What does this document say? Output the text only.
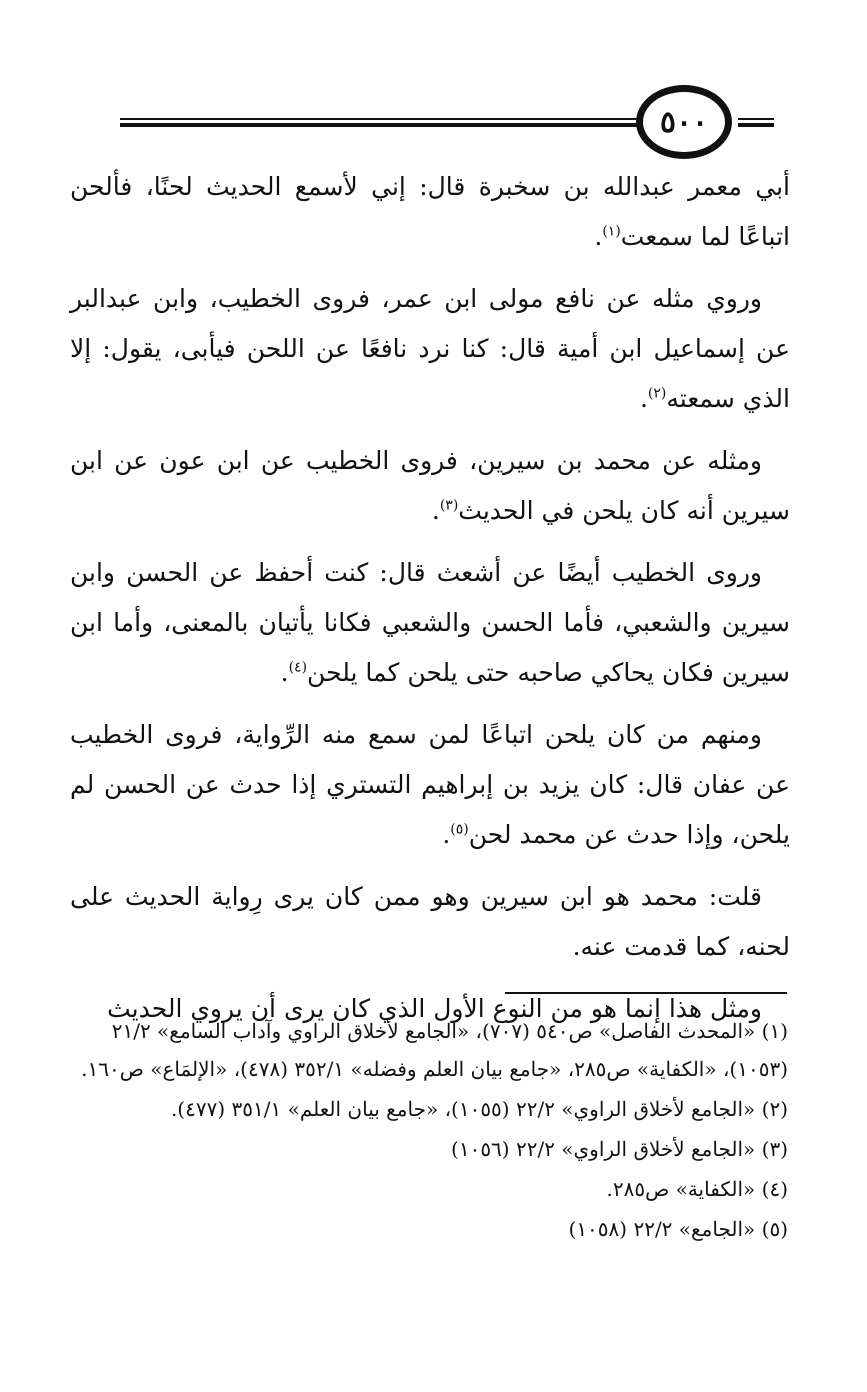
٥٠٠

أبي معمر عبدالله بن سخبرة قال: إني لأسمع الحديث لحنًا، فألحن اتباعًا لما سمعت$^{(١)}$.

وروي مثله عن نافع مولى ابن عمر، فروى الخطيب، وابن عبدالبر عن إسماعيل ابن أمية قال: كنا نرد نافعًا عن اللحن فيأبى، يقول: إلا الذي سمعته$^{(٢)}$.

ومثله عن محمد بن سيرين، فروى الخطيب عن ابن عون عن ابن سيرين أنه كان يلحن في الحديث$^{(٣)}$.

وروى الخطيب أيضًا عن أشعث قال: كنت أحفظ عن الحسن وابن سيرين والشعبي، فأما الحسن والشعبي فكانا يأتيان بالمعنى، وأما ابن سيرين فكان يحاكي صاحبه حتى يلحن كما يلحن$^{(٤)}$.

ومنهم من كان يلحن اتباعًا لمن سمع منه الرِّواية، فروى الخطيب عن عفان قال: كان يزيد بن إبراهيم التستري إذا حدث عن الحسن لم يلحن، وإذا حدث عن محمد لحن$^{(٥)}$.

قلت: محمد هو ابن سيرين وهو ممن كان يرى رِواية الحديث على لحنه، كما قدمت عنه.

ومثل هذا إنما هو من النوع الأول الذي كان يرى أن يروي الحديث

(١) «المحدث الفاصل» ص٥٤٠ (٧٠٧)، «الجامع لأخلاق الراوي وآداب السامع» ٢١/٢ (١٠٥٣)، «الكفاية» ص٢٨٥، «جامع بيان العلم وفضله» ٣٥٢/١ (٤٧٨)، «الإلمَاع» ص١٦٠.

(٢) «الجامع لأخلاق الراوي» ٢٢/٢ (١٠٥٥)، «جامع بيان العلم» ٣٥١/١ (٤٧٧).

(٣) «الجامع لأخلاق الراوي» ٢٢/٢ (١٠٥٦)

(٤) «الكفاية» ص٢٨٥.

(٥) «الجامع» ٢٢/٢ (١٠٥٨)
